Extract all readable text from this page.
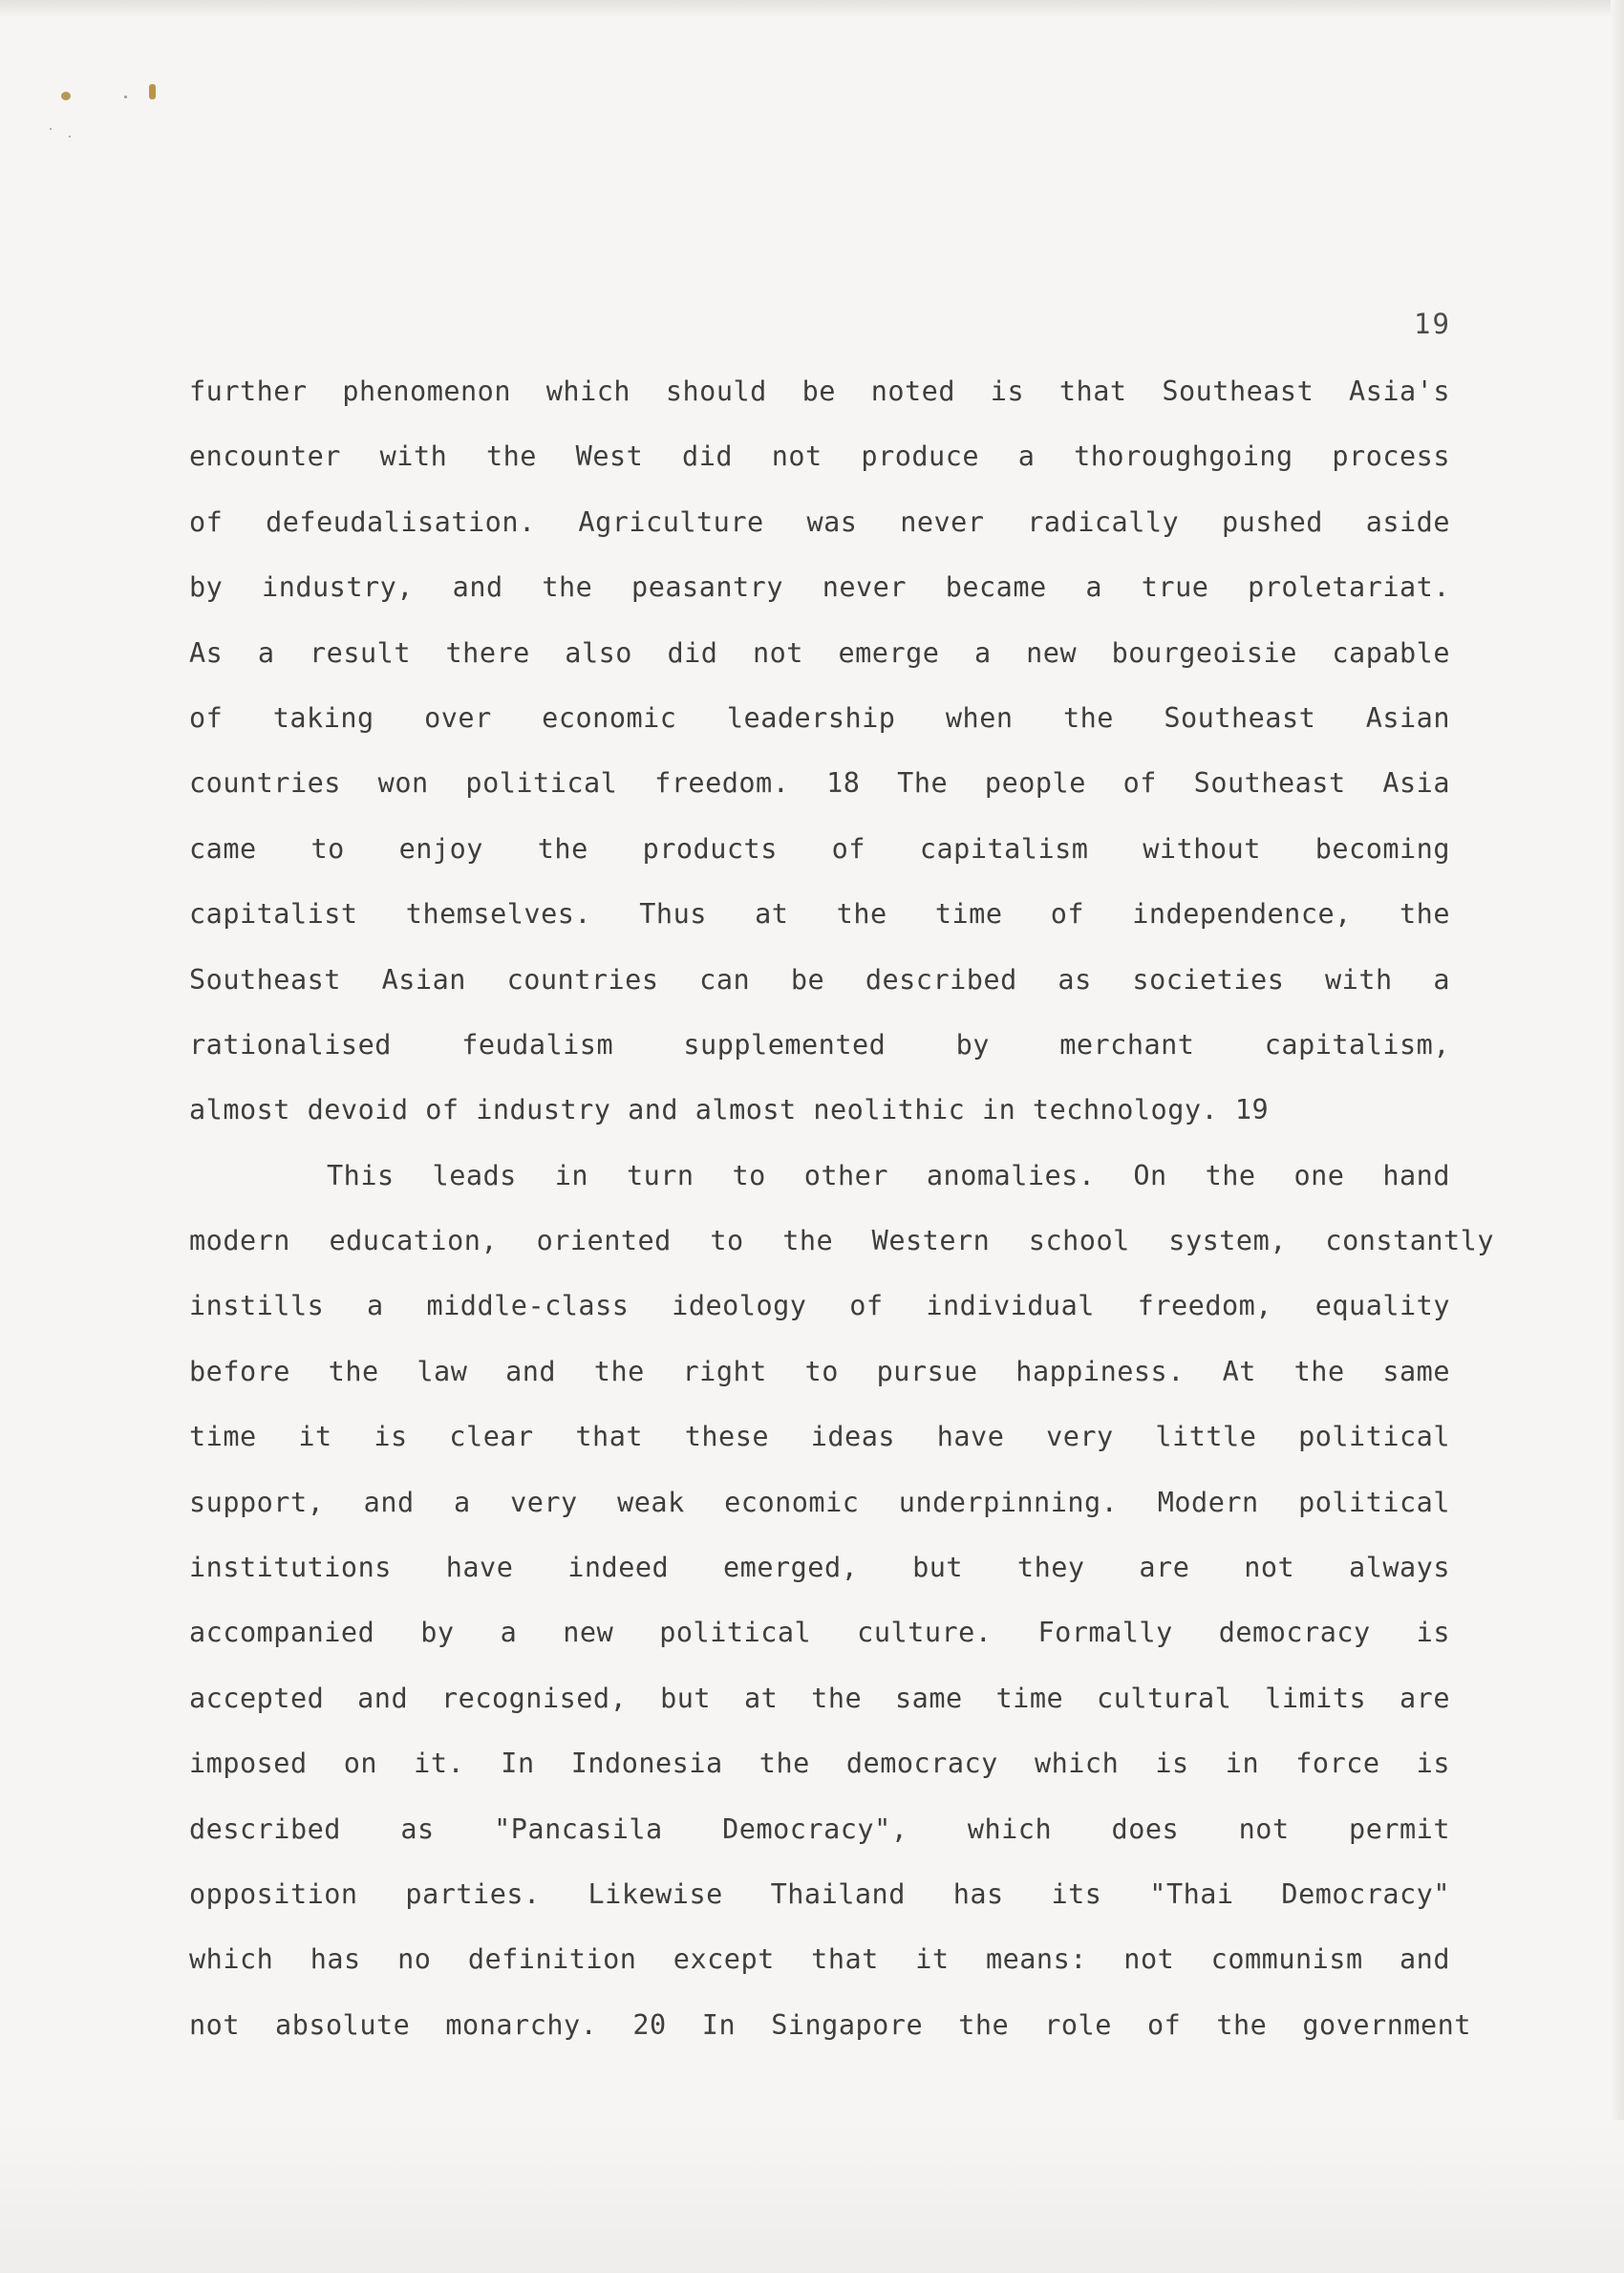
19

further phenomenon which should be noted is that Southeast Asia's
encounter with the West did not produce a thoroughgoing process
of defeudalisation. Agriculture was never radically pushed aside
by industry, and the peasantry never became a true proletariat.
As a result there also did not emerge a new bourgeoisie capable
of taking over economic leadership when the Southeast Asian
countries won political freedom. 18 The people of Southeast Asia
came to enjoy the products of capitalism without becoming
capitalist themselves. Thus at the time of independence, the
Southeast Asian countries can be described as societies with a
rationalised feudalism supplemented by merchant capitalism,
almost devoid of industry and almost neolithic in technology. 19
This leads in turn to other anomalies. On the one hand
modern education, oriented to the Western school system, constantly
instills a middle-class ideology of individual freedom, equality
before the law and the right to pursue happiness. At the same
time it is clear that these ideas have very little political
support, and a very weak economic underpinning. Modern political
institutions have indeed emerged, but they are not always
accompanied by a new political culture. Formally democracy is
accepted and recognised, but at the same time cultural limits are
imposed on it. In Indonesia the democracy which is in force is
described as "Pancasila Democracy", which does not permit
opposition parties. Likewise Thailand has its "Thai Democracy"
which has no definition except that it means: not communism and
not absolute monarchy. 20 In Singapore the role of the government
